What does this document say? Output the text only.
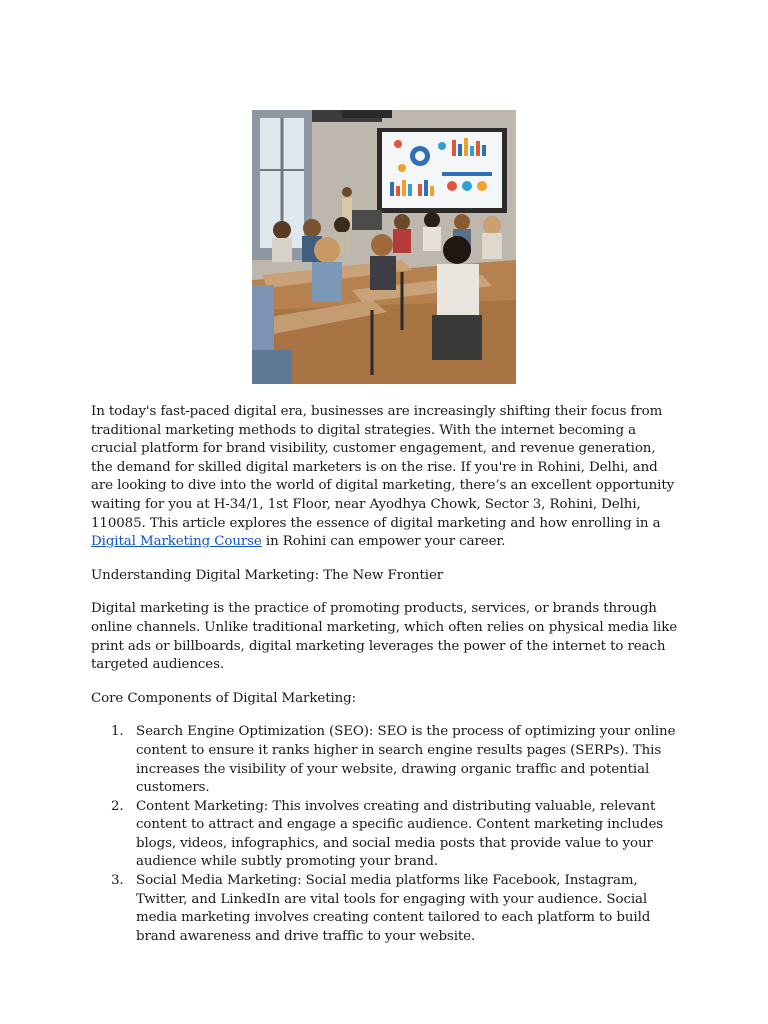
In today's fast-paced digital era, businesses are increasingly shifting their focus from traditional marketing methods to digital strategies. With the internet becoming a crucial platform for brand visibility, customer engagement, and revenue generation, the demand for skilled digital marketers is on the rise. If you're in Rohini, Delhi, and are looking to dive into the world of digital marketing, there’s an excellent opportunity waiting for you at H-34/1, 1st Floor, near Ayodhya Chowk, Sector 3, Rohini, Delhi, 110085. This article explores the essence of digital marketing and how enrolling in a Digital Marketing Course in Rohini can empower your career.

Understanding Digital Marketing: The New Frontier

Digital marketing is the practice of promoting products, services, or brands through online channels. Unlike traditional marketing, which often relies on physical media like print ads or billboards, digital marketing leverages the power of the internet to reach targeted audiences.

Core Components of Digital Marketing:

1. Search Engine Optimization (SEO): SEO is the process of optimizing your online content to ensure it ranks higher in search engine results pages (SERPs). This increases the visibility of your website, drawing organic traffic and potential customers.
2. Content Marketing: This involves creating and distributing valuable, relevant content to attract and engage a specific audience. Content marketing includes blogs, videos, infographics, and social media posts that provide value to your audience while subtly promoting your brand.
3. Social Media Marketing: Social media platforms like Facebook, Instagram, Twitter, and LinkedIn are vital tools for engaging with your audience. Social media marketing involves creating content tailored to each platform to build brand awareness and drive traffic to your website.
